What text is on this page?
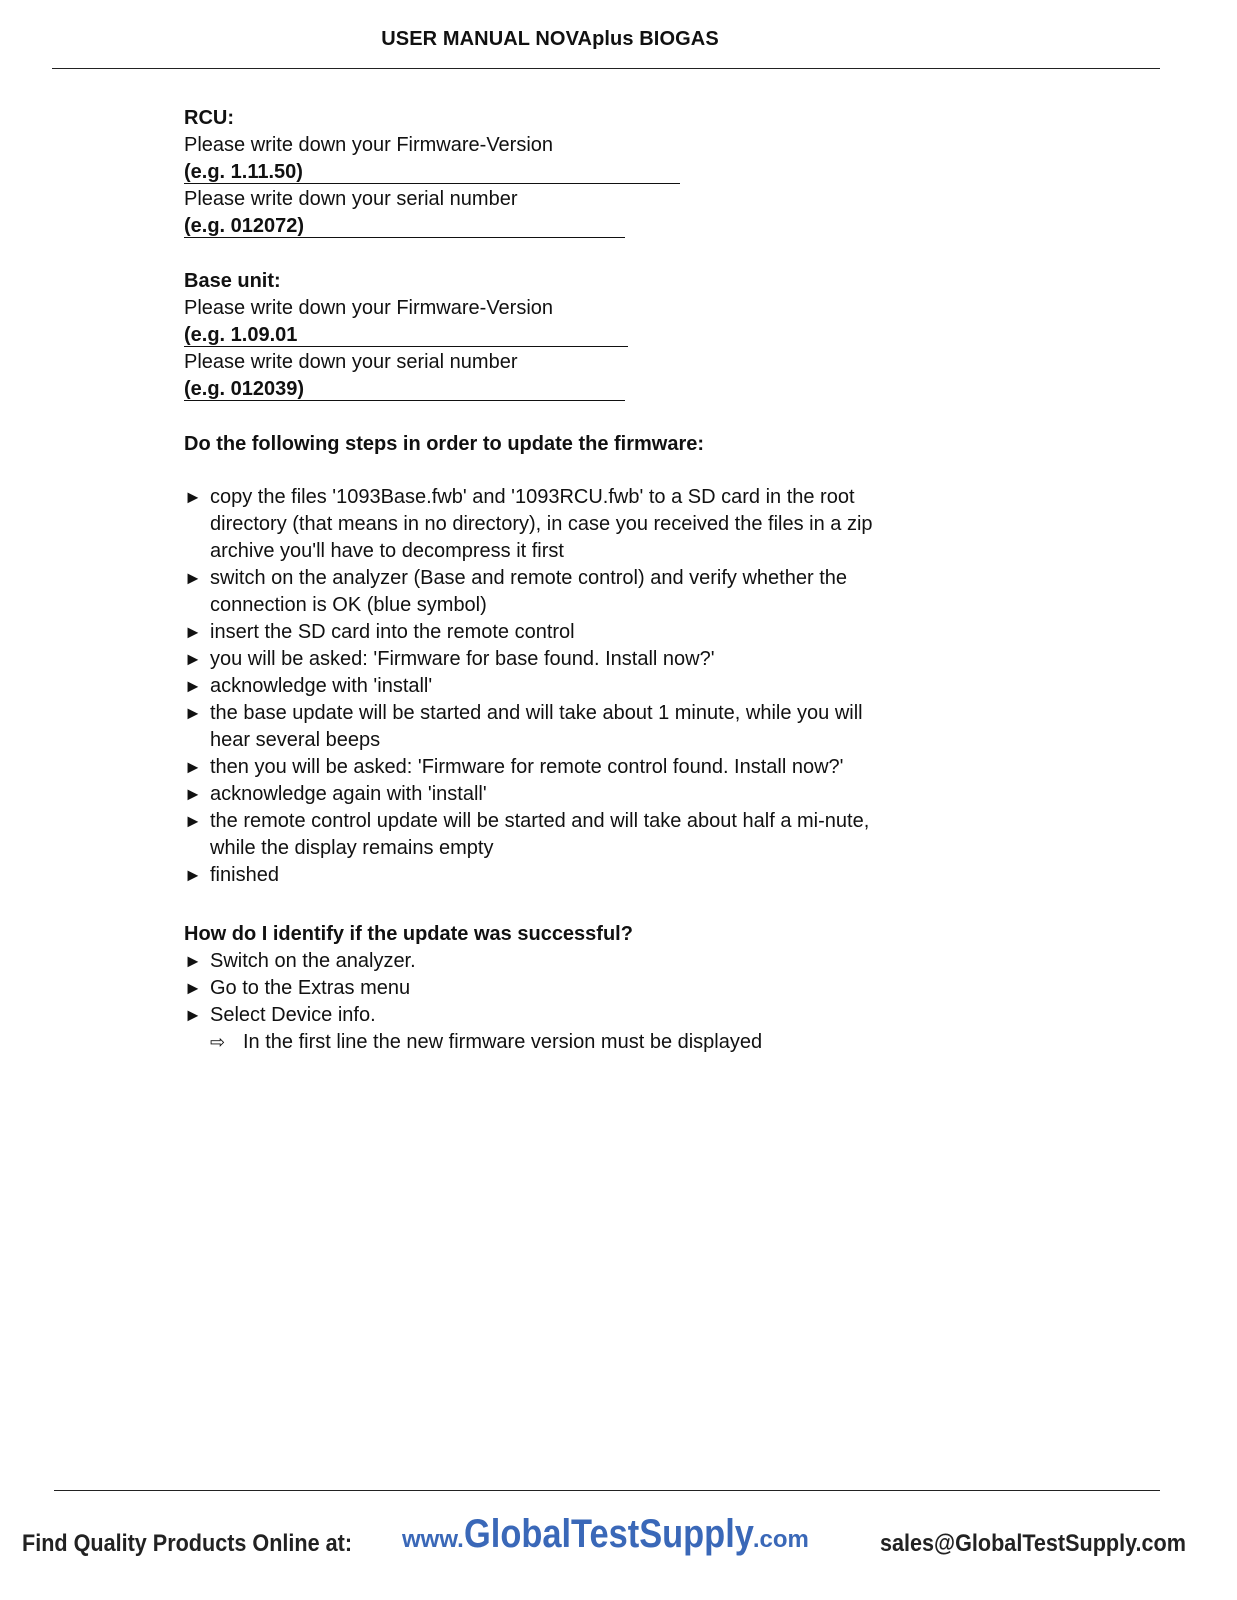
USER MANUAL NOVAplus BIOGAS
RCU:
Please write down your Firmware-Version
(e.g. 1.11.50)
Please write down your serial number
(e.g. 012072)
Base unit:
Please write down your Firmware-Version
(e.g. 1.09.01
Please write down your serial number
(e.g. 012039)
Do the following steps in order to update the firmware:
► copy the files '1093Base.fwb' and '1093RCU.fwb' to a SD card in the root directory (that means in no directory), in case you received the files in a zip archive you'll have to decompress it first
► switch on the analyzer (Base and remote control) and verify whether the connection is OK (blue symbol)
► insert the SD card into the remote control
► you will be asked: 'Firmware for base found. Install now?'
► acknowledge with 'install'
► the base update will be started and will take about 1 minute, while you will hear several beeps
► then you will be asked: 'Firmware for remote control found. Install now?'
► acknowledge again with 'install'
► the remote control update will be started and will take about half a mi-nute, while the display remains empty
► finished
How do I identify if the update was successful?
► Switch on the analyzer.
► Go to the Extras menu
► Select Device info.
⇨ In the first line the new firmware version must be displayed
Find Quality Products Online at: www.GlobalTestSupply.com	sales@GlobalTestSupply.com
